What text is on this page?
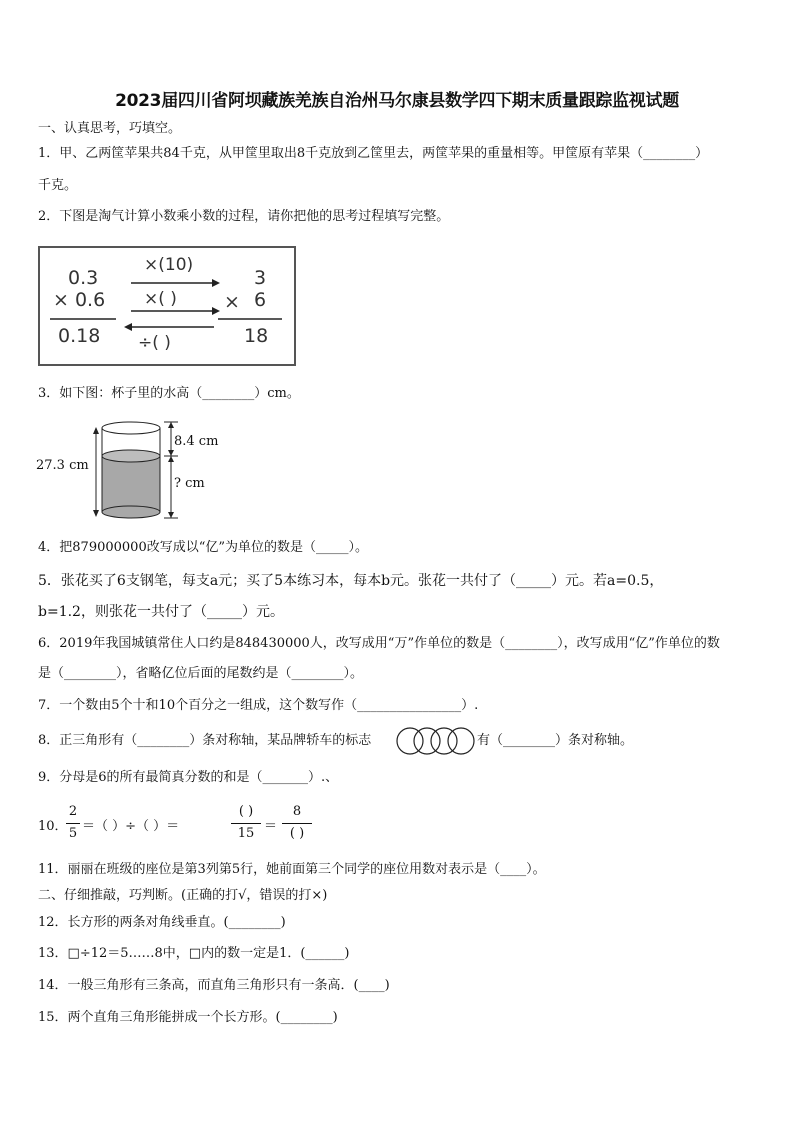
2023届四川省阿坝藏族羌族自治州马尔康县数学四下期末质量跟踪监视试题
一、认真思考，巧填空。
1．甲、乙两筐苹果共84千克，从甲筐里取出8千克放到乙筐里去，两筐苹果的重量相等。甲筐原有苹果（________）
千克。
2．下图是淘气计算小数乘小数的过程，请你把他的思考过程填写完整。
0.3
× 0.6
0.18
×(10)
×( )
÷( )
3
× 6
18
3．如下图：杯子里的水高（________）cm。
27.3 cm
8.4 cm
? cm
4．把879000000改写成以“亿”为单位的数是（_____）。
5．张花买了6支钢笔，每支a元；买了5本练习本，每本b元。张花一共付了（_____）元。若a=0.5，
b=1.2，则张花一共付了（_____）元。
6．2019年我国城镇常住人口约是848430000人，改写成用“万”作单位的数是（________），改写成用“亿”作单位的数
是（________），省略亿位后面的尾数约是（________）。
7．一个数由5个十和10个百分之一组成，这个数写作（________________）.
8．正三角形有（________）条对称轴，某品牌轿车的标志	有（________）条对称轴。
9．分母是6的所有最简真分数的和是（_______）.、
10．
2
5 ＝（ ）÷（ ）＝
( )
15 ＝
8
( )
11．丽丽在班级的座位是第3列第5行，她前面第三个同学的座位用数对表示是（____）。
二、仔细推敲，巧判断。(正确的打√，错误的打×)
12．长方形的两条对角线垂直。(________)
13．□÷12＝5……8中，□内的数一定是1．(______)
14．一般三角形有三条高，而直角三角形只有一条高．(____)
15．两个直角三角形能拼成一个长方形。(________)
